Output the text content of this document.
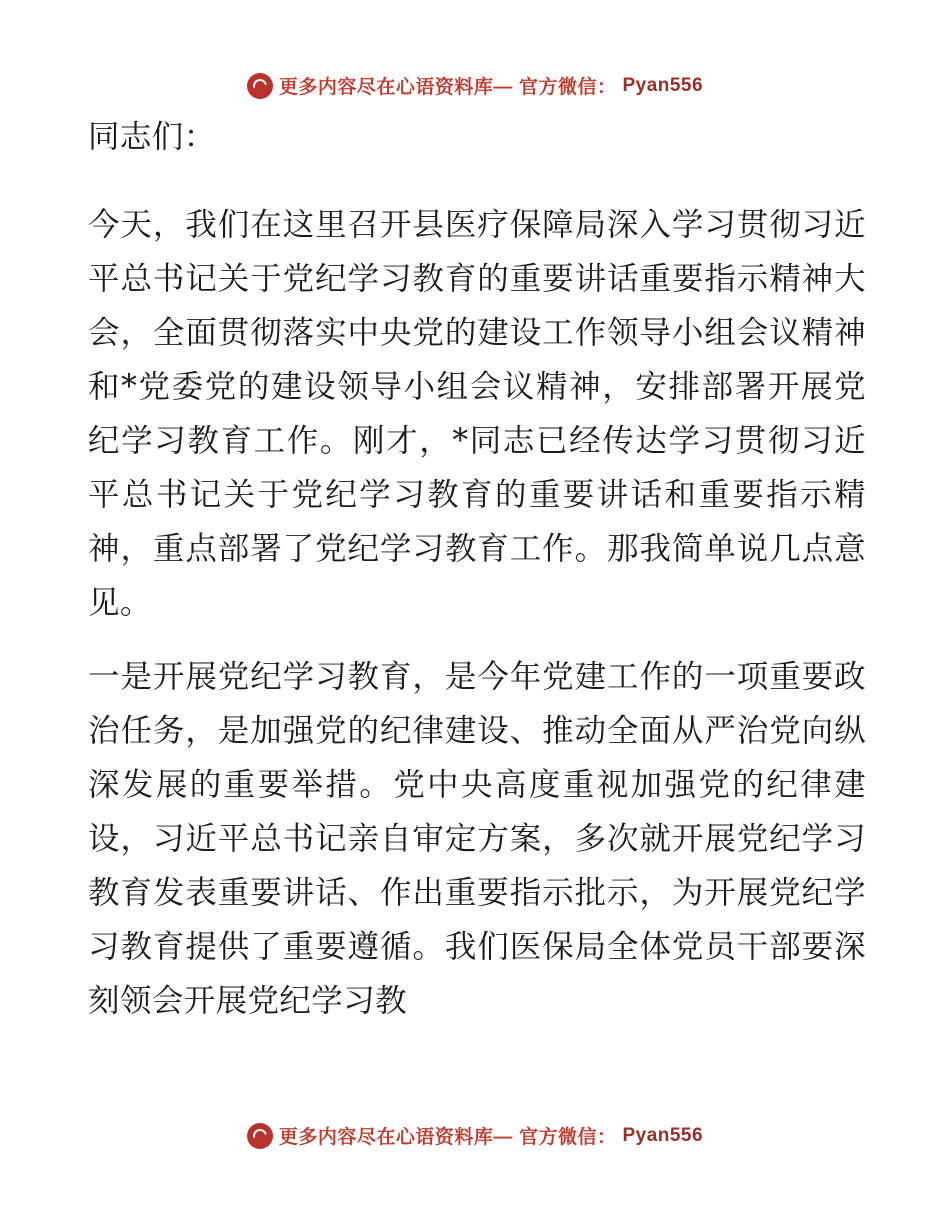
更多内容尽在心语资料库— 官方微信： Pyan556

同志们：

今天，我们在这里召开县医疗保障局深入学习贯彻习近平总书记关于党纪学习教育的重要讲话重要指示精神大会，全面贯彻落实中央党的建设工作领导小组会议精神和*党委党的建设领导小组会议精神，安排部署开展党纪学习教育工作。刚才，*同志已经传达学习贯彻习近平总书记关于党纪学习教育的重要讲话和重要指示精神，重点部署了党纪学习教育工作。那我简单说几点意见。

一是开展党纪学习教育，是今年党建工作的一项重要政治任务，是加强党的纪律建设、推动全面从严治党向纵深发展的重要举措。党中央高度重视加强党的纪律建设，习近平总书记亲自审定方案，多次就开展党纪学习教育发表重要讲话、作出重要指示批示，为开展党纪学习教育提供了重要遵循。我们医保局全体党员干部要深刻领会开展党纪学习教

更多内容尽在心语资料库— 官方微信： Pyan556
